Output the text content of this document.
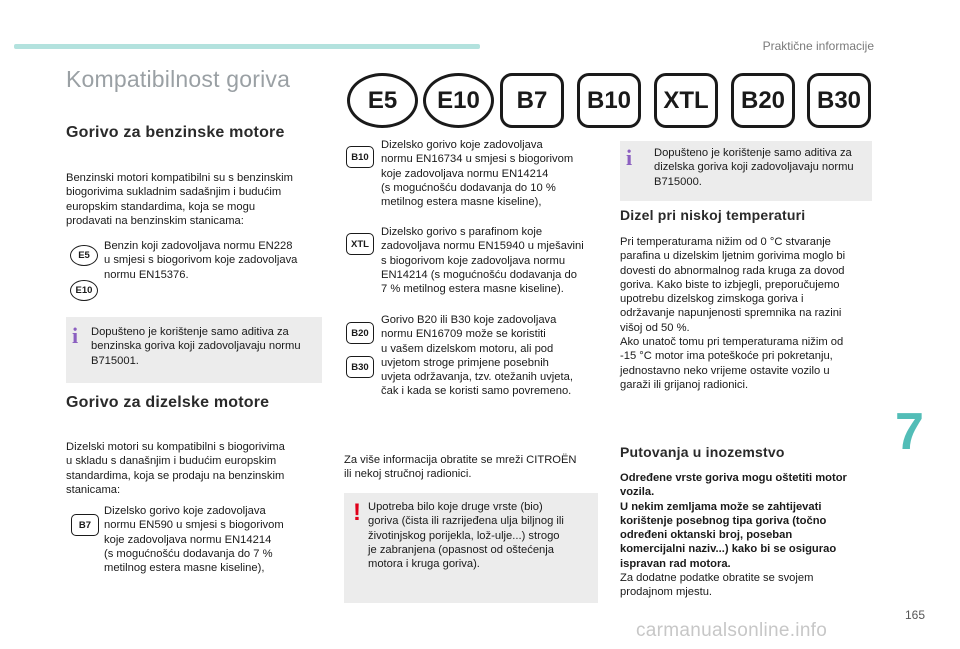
Praktične informacije
Kompatibilnost goriva
E5	E10	B7	B10	XTL	B20	B30
Gorivo za benzinske motore
Benzinski motori kompatibilni su s benzinskim
biogorivima sukladnim sadašnjim i budućim
europskim standardima, koja se mogu
prodavati na benzinskim stanicama:
E5
E10
Benzin koji zadovoljava normu EN228
u smjesi s biogorivom koje zadovoljava
normu EN15376.
i Dopušteno je korištenje samo aditiva za
benzinska goriva koji zadovoljavaju normu
B715001.
Gorivo za dizelske motore
Dizelski motori su kompatibilni s biogorivima
u skladu s današnjim i budućim europskim
standardima, koja se prodaju na benzinskim
stanicama:
B7
Dizelsko gorivo koje zadovoljava
normu EN590 u smjesi s biogorivom
koje zadovoljava normu EN14214
(s mogućnošću dodavanja do 7 %
metilnog estera masne kiseline),
B10
Dizelsko gorivo koje zadovoljava
normu EN16734 u smjesi s biogorivom
koje zadovoljava normu EN14214
(s mogućnošću dodavanja do 10 %
metilnog estera masne kiseline),
XTL
Dizelsko gorivo s parafinom koje
zadovoljava normu EN15940 u mješavini
s biogorivom koje zadovoljava normu
EN14214 (s mogućnošću dodavanja do
7 % metilnog estera masne kiseline).
B20
B30
Gorivo B20 ili B30 koje zadovoljava
normu EN16709 može se koristiti
u vašem dizelskom motoru, ali pod
uvjetom stroge primjene posebnih
uvjeta održavanja, tzv. otežanih uvjeta,
čak i kada se koristi samo povremeno.
Za više informacija obratite se mreži CITROËN
ili nekoj stručnoj radionici.
! Upotreba bilo koje druge vrste (bio)
goriva (čista ili razrijeđena ulja biljnog ili
životinjskog porijekla, lož-ulje...) strogo
je zabranjena (opasnost od oštećenja
motora i kruga goriva).
i Dopušteno je korištenje samo aditiva za
dizelska goriva koji zadovoljavaju normu
B715000.
Dizel pri niskoj temperaturi
Pri temperaturama nižim od 0 °C stvaranje
parafina u dizelskim ljetnim gorivima moglo bi
dovesti do abnormalnog rada kruga za dovod
goriva. Kako biste to izbjegli, preporučujemo
upotrebu dizelskog zimskoga goriva i
održavanje napunjenosti spremnika na razini
višoj od 50 %.
Ako unatoč tomu pri temperaturama nižim od
-15 °C motor ima poteškoće pri pokretanju,
jednostavno neko vrijeme ostavite vozilo u
garaži ili grijanoj radionici.
Putovanja u inozemstvo
Određene vrste goriva mogu oštetiti motor
vozila.
U nekim zemljama može se zahtijevati
korištenje posebnog tipa goriva (točno
određeni oktanski broj, poseban
komercijalni naziv...) kako bi se osigurao
ispravan rad motora.
Za dodatne podatke obratite se svojem
prodajnom mjestu.
7
165
carmanualsonline.info
